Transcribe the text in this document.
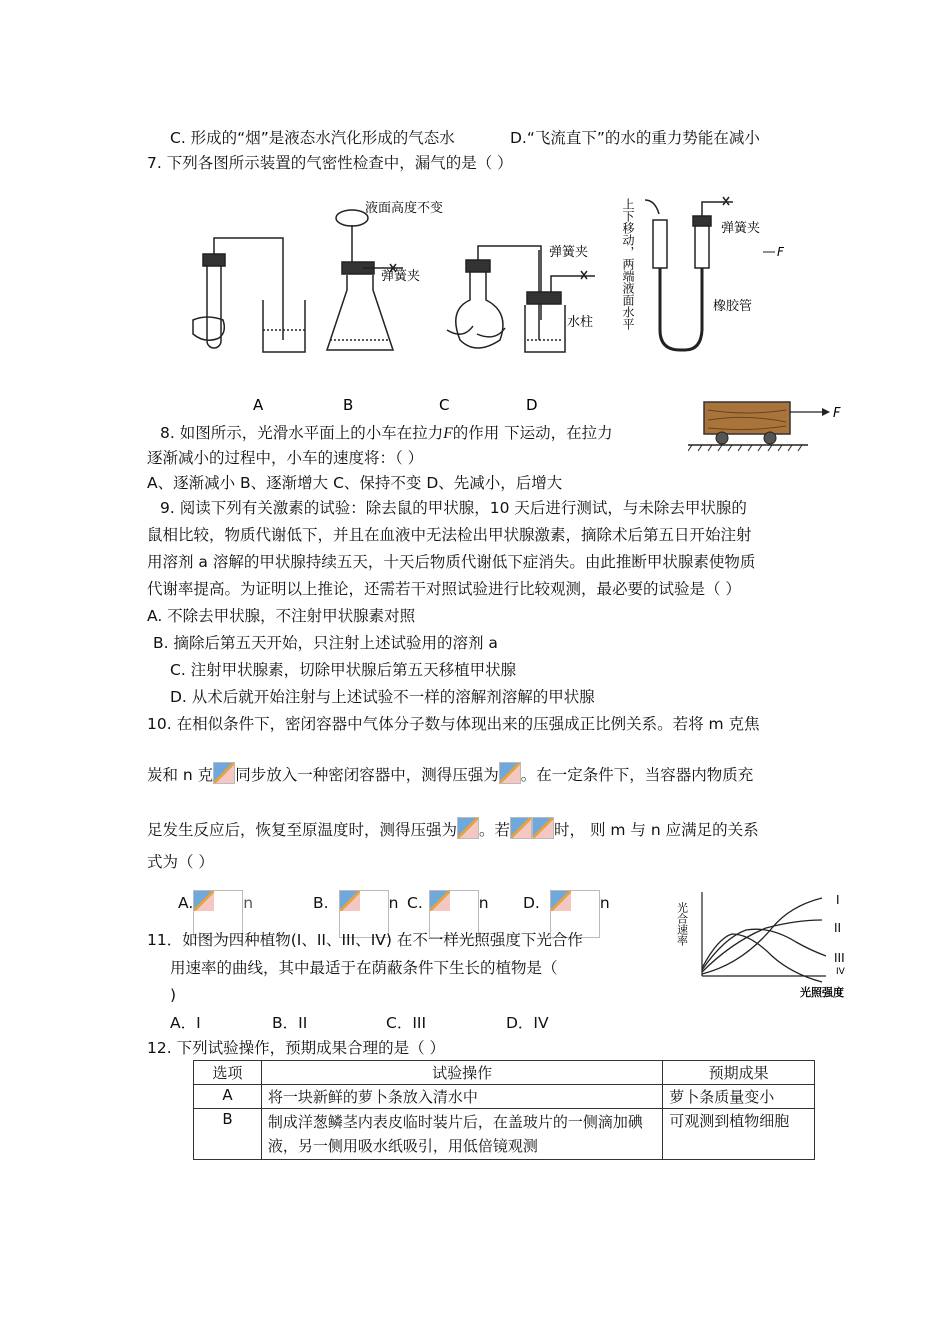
C. 形成的“烟”是液态水汽化形成的气态水	D.“飞流直下”的水的重力势能在减小
7. 下列各图所示装置的气密性检查中，漏气的是（ ）
液面高度不变
弹簧夹
弹簧夹
水柱 上下移动，两端液面水平	弹簧夹
橡胶管
F
A	B	C	D
8. 如图所示，光滑水平面上的小车在拉力F的作用 下运动，在拉力
逐渐减小的过程中，小车的速度将：（ ）
A、逐渐减小 B、逐渐增大 C、保持不变 D、先减小，后增大
F
9. 阅读下列有关激素的试验：除去鼠的甲状腺，10 天后进行测试，与未除去甲状腺的
鼠相比较，物质代谢低下，并且在血液中无法检出甲状腺激素，摘除术后第五日开始注射
用溶剂 a 溶解的甲状腺持续五天，十天后物质代谢低下症消失。由此推断甲状腺素使物质
代谢率提高。为证明以上推论，还需若干对照试验进行比较观测，最必要的试验是（ ）
A. 不除去甲状腺，不注射甲状腺素对照
B. 摘除后第五天开始，只注射上述试验用的溶剂 a
C. 注射甲状腺素，切除甲状腺后第五天移植甲状腺
D. 从术后就开始注射与上述试验不一样的溶解剂溶解的甲状腺
10. 在相似条件下，密闭容器中气体分子数与体现出来的压强成正比例关系。若将 m 克焦
炭和 n 克 同步放入一种密闭容器中，测得压强为 。在一定条件下，当容器内物质充
足发生反应后，恢复至原温度时，测得压强为 。若	时， 则 m 与 n 应满足的关系
式为（ ）
A.	n	B.	n C.	n D.	n
11．如图为四种植物(I、II、III、IV) 在不一样光照强度下光合作
用速率的曲线，其中最适于在荫蔽条件下生长的植物是（
)
A．I	B．II	C．III	D．IV
光合速率
光照强度
I
II
III
IV
12. 下列试验操作，预期成果合理的是（ ）
选项	试验操作	预期成果
A	将一块新鲜的萝卜条放入清水中	萝卜条质量变小
B	制成洋葱鳞茎内表皮临时装片后，在盖玻片的一侧滴加碘液，另一侧用吸水纸吸引，用低倍镜观测	可观测到植物细胞
